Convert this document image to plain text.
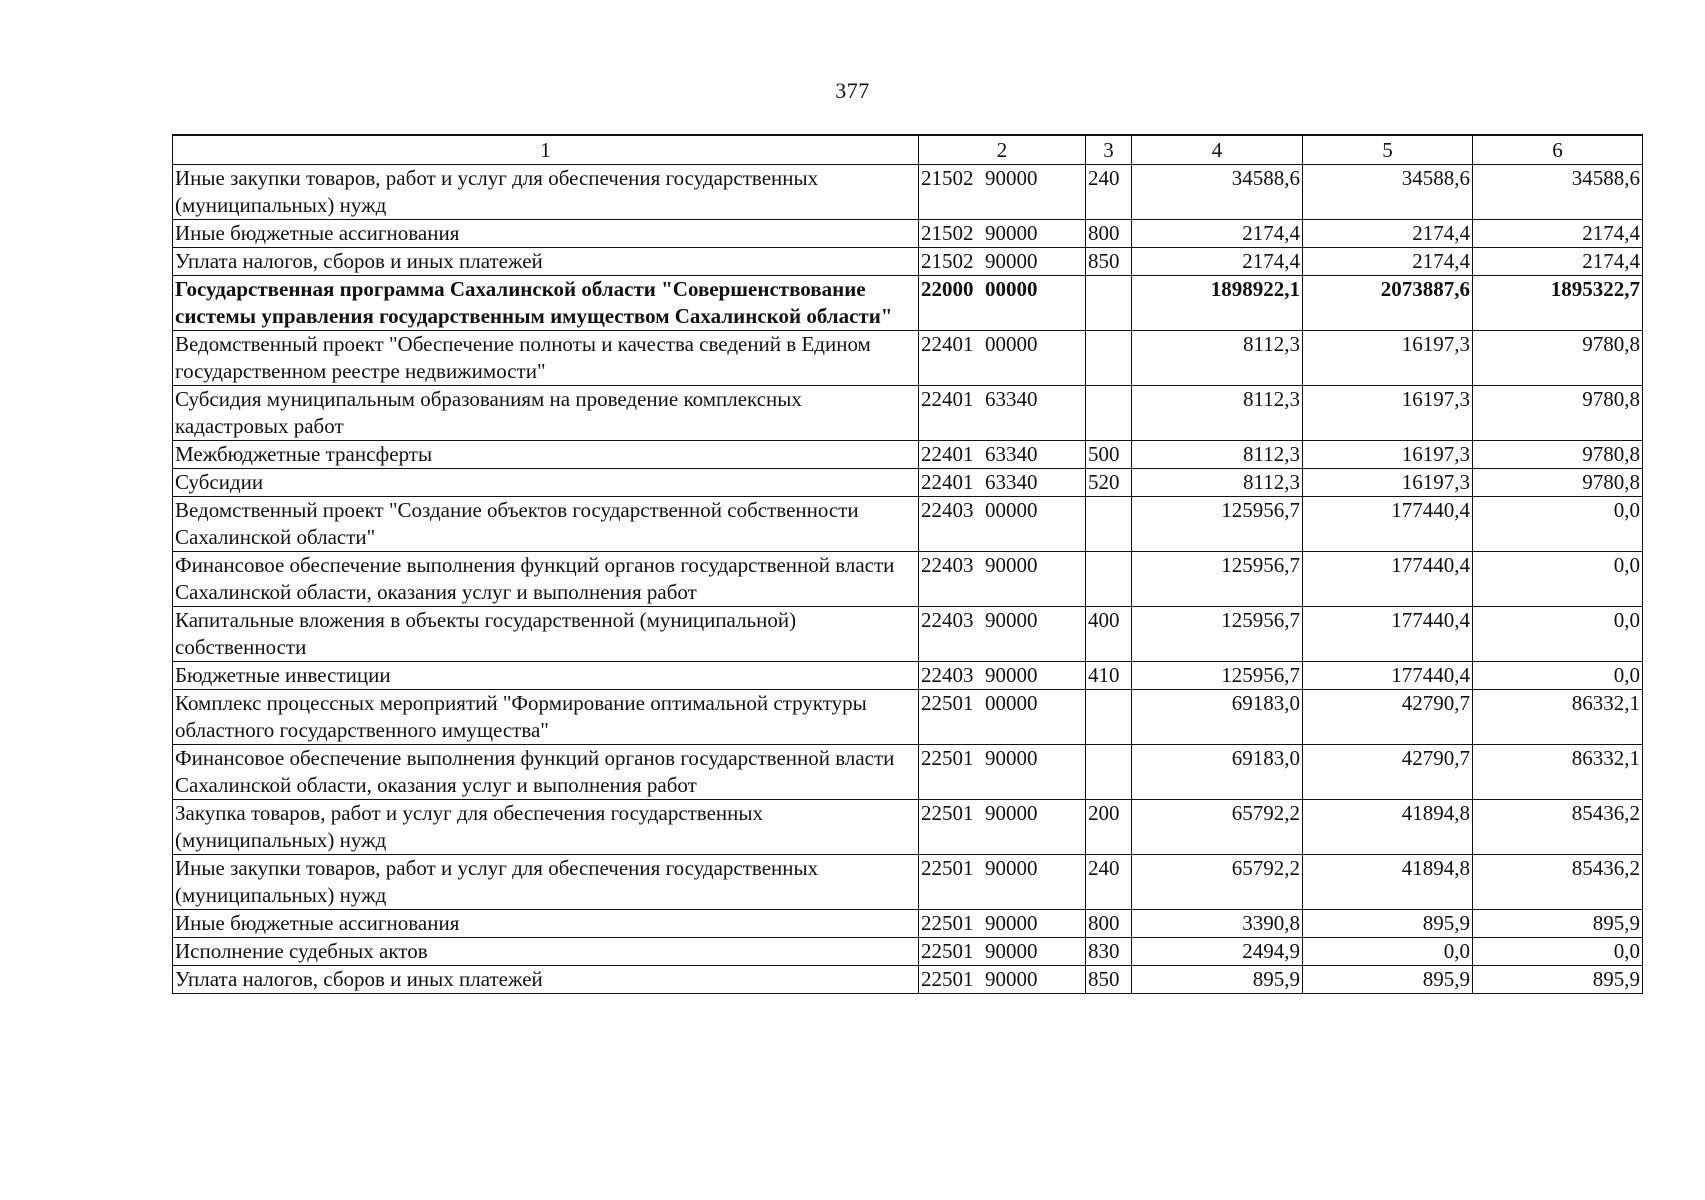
377
1	2	3	4	5	6
Иные закупки товаров, работ и услуг для обеспечения государственных (муниципальных) нужд	21502 90000	240	34588,6	34588,6	34588,6
Иные бюджетные ассигнования	21502 90000	800	2174,4	2174,4	2174,4
Уплата налогов, сборов и иных платежей	21502 90000	850	2174,4	2174,4	2174,4
Государственная программа Сахалинской области "Совершенствование системы управления государственным имуществом Сахалинской области"	22000 00000		1898922,1	2073887,6	1895322,7
Ведомственный проект "Обеспечение полноты и качества сведений в Едином государственном реестре недвижимости"	22401 00000		8112,3	16197,3	9780,8
Субсидия муниципальным образованиям на проведение комплексных кадастровых работ	22401 63340		8112,3	16197,3	9780,8
Межбюджетные трансферты	22401 63340	500	8112,3	16197,3	9780,8
Субсидии	22401 63340	520	8112,3	16197,3	9780,8
Ведомственный проект "Создание объектов государственной собственности Сахалинской области"	22403 00000		125956,7	177440,4	0,0
Финансовое обеспечение выполнения функций органов государственной власти Сахалинской области, оказания услуг и выполнения работ	22403 90000		125956,7	177440,4	0,0
Капитальные вложения в объекты государственной (муниципальной) собственности	22403 90000	400	125956,7	177440,4	0,0
Бюджетные инвестиции	22403 90000	410	125956,7	177440,4	0,0
Комплекс процессных мероприятий "Формирование оптимальной структуры областного государственного имущества"	22501 00000		69183,0	42790,7	86332,1
Финансовое обеспечение выполнения функций органов государственной власти Сахалинской области, оказания услуг и выполнения работ	22501 90000		69183,0	42790,7	86332,1
Закупка товаров, работ и услуг для обеспечения государственных (муниципальных) нужд	22501 90000	200	65792,2	41894,8	85436,2
Иные закупки товаров, работ и услуг для обеспечения государственных (муниципальных) нужд	22501 90000	240	65792,2	41894,8	85436,2
Иные бюджетные ассигнования	22501 90000	800	3390,8	895,9	895,9
Исполнение судебных актов	22501 90000	830	2494,9	0,0	0,0
Уплата налогов, сборов и иных платежей	22501 90000	850	895,9	895,9	895,9
